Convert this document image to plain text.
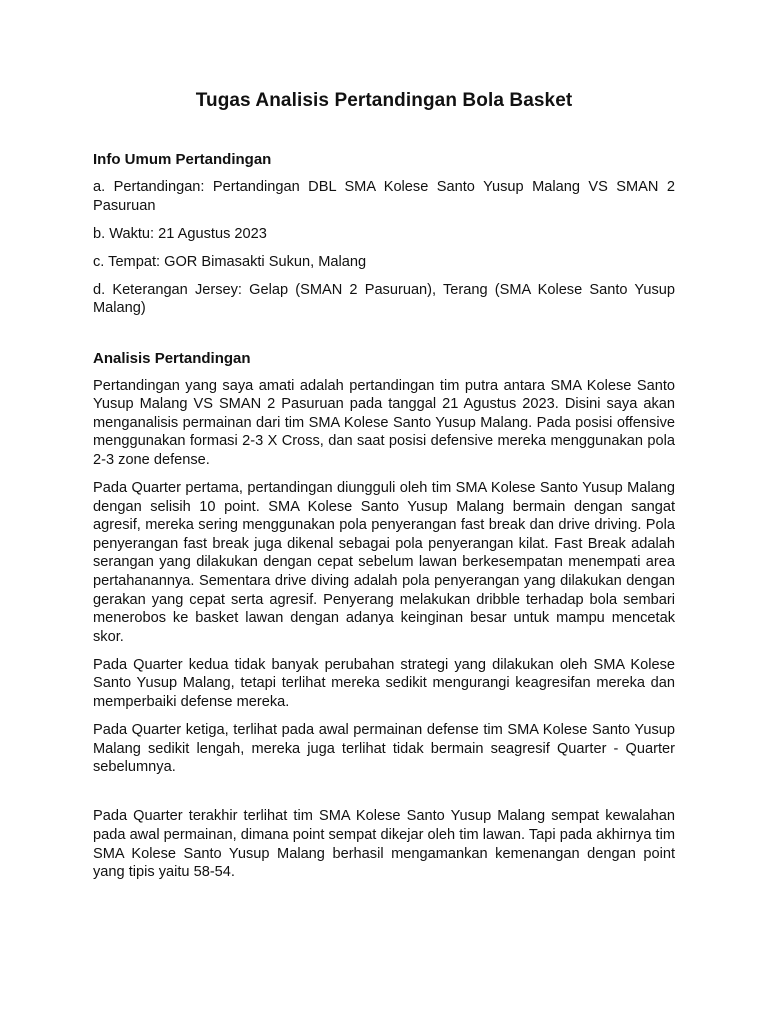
Tugas Analisis Pertandingan Bola Basket
Info Umum Pertandingan

a. Pertandingan: Pertandingan DBL SMA Kolese Santo Yusup Malang VS SMAN 2 Pasuruan

b. Waktu: 21 Agustus 2023

c. Tempat: GOR Bimasakti Sukun, Malang

d. Keterangan Jersey: Gelap (SMAN 2 Pasuruan), Terang (SMA Kolese Santo Yusup Malang)

Analisis Pertandingan

Pertandingan yang saya amati adalah pertandingan tim putra antara SMA Kolese Santo Yusup Malang VS SMAN 2 Pasuruan pada tanggal 21 Agustus 2023. Disini saya akan menganalisis permainan dari tim SMA Kolese Santo Yusup Malang. Pada posisi offensive menggunakan formasi 2-3 X Cross, dan saat posisi defensive mereka menggunakan pola 2-3 zone defense.

Pada Quarter pertama, pertandingan diungguli oleh tim SMA Kolese Santo Yusup Malang dengan selisih 10 point. SMA Kolese Santo Yusup Malang bermain dengan sangat agresif, mereka sering menggunakan pola penyerangan fast break dan drive driving. Pola penyerangan fast break juga dikenal sebagai pola penyerangan kilat. Fast Break adalah serangan yang dilakukan dengan cepat sebelum lawan berkesempatan menempati area pertahanannya. Sementara drive diving adalah pola penyerangan yang dilakukan dengan gerakan yang cepat serta agresif. Penyerang melakukan dribble terhadap bola sembari menerobos ke basket lawan dengan adanya keinginan besar untuk mampu mencetak skor.

Pada Quarter kedua tidak banyak perubahan strategi yang dilakukan oleh SMA Kolese Santo Yusup Malang, tetapi terlihat mereka sedikit mengurangi keagresifan mereka dan memperbaiki defense mereka.

Pada Quarter ketiga, terlihat pada awal permainan defense tim SMA Kolese Santo Yusup Malang sedikit lengah, mereka juga terlihat tidak bermain seagresif Quarter - Quarter sebelumnya.

Pada Quarter terakhir terlihat tim SMA Kolese Santo Yusup Malang sempat kewalahan pada awal permainan, dimana point sempat dikejar oleh tim lawan. Tapi pada akhirnya tim SMA Kolese Santo Yusup Malang berhasil mengamankan kemenangan dengan point yang tipis yaitu 58-54.
